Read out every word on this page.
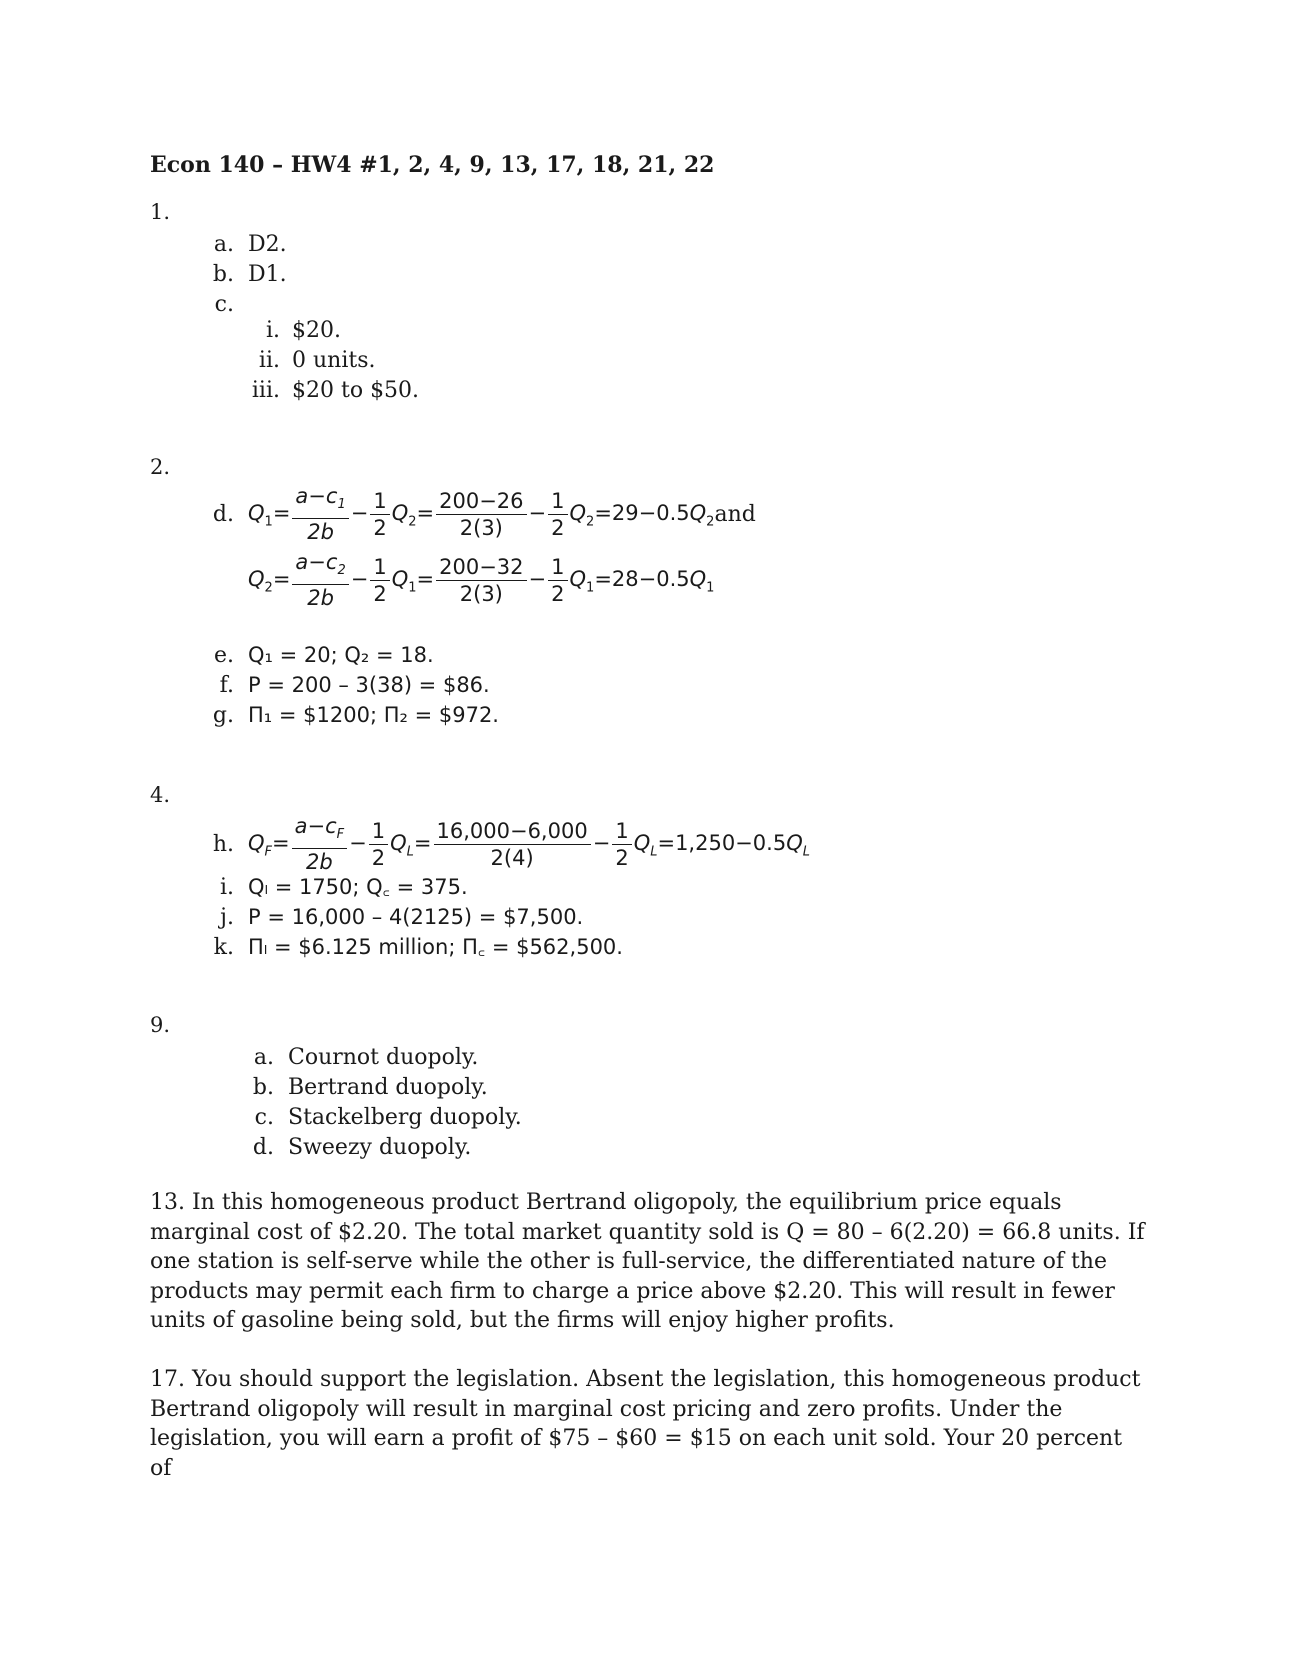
Econ 140 – HW4 #1, 2, 4, 9, 13, 17, 18, 21, 22
1.
a. D2.
b. D1.
c.
i. $20.
ii. 0 units.
iii. $20 to $50.
2.
d. $Q_1= \frac{a-c_1}{2b} - \frac{1}{2} Q_2= \frac{200-26}{2(3)} - \frac{1}{2} Q_2=29-0.5Q_2$ and
$Q_2= \frac{a-c_2}{2b} - \frac{1}{2} Q_1= \frac{200-32}{2(3)} - \frac{1}{2} Q_1=28-0.5Q_1$
e. Q₁ = 20; Q₂ = 18.
f. P = 200 – 3(38) = $86.
g. Π₁ = $1200; Π₂ = $972.
4.
h. $Q_F= \frac{a-c_F}{2b} - \frac{1}{2} Q_L= \frac{16,000-6,000}{2(4)} - \frac{1}{2} Q_L=1,250-0.5Q_L$
i. Qₗ = 1750; Q꜀ = 375.
j. P = 16,000 – 4(2125) = $7,500.
k. Πₗ = $6.125 million; Π꜀ = $562,500.
9.
a. Cournot duopoly.
b. Bertrand duopoly.
c. Stackelberg duopoly.
d. Sweezy duopoly.
13. In this homogeneous product Bertrand oligopoly, the equilibrium price equals marginal cost of $2.20. The total market quantity sold is Q = 80 – 6(2.20) = 66.8 units. If one station is self-serve while the other is full-service, the differentiated nature of the products may permit each firm to charge a price above $2.20. This will result in fewer units of gasoline being sold, but the firms will enjoy higher profits.
17. You should support the legislation. Absent the legislation, this homogeneous product Bertrand oligopoly will result in marginal cost pricing and zero profits. Under the legislation, you will earn a profit of $75 – $60 = $15 on each unit sold. Your 20 percent of
